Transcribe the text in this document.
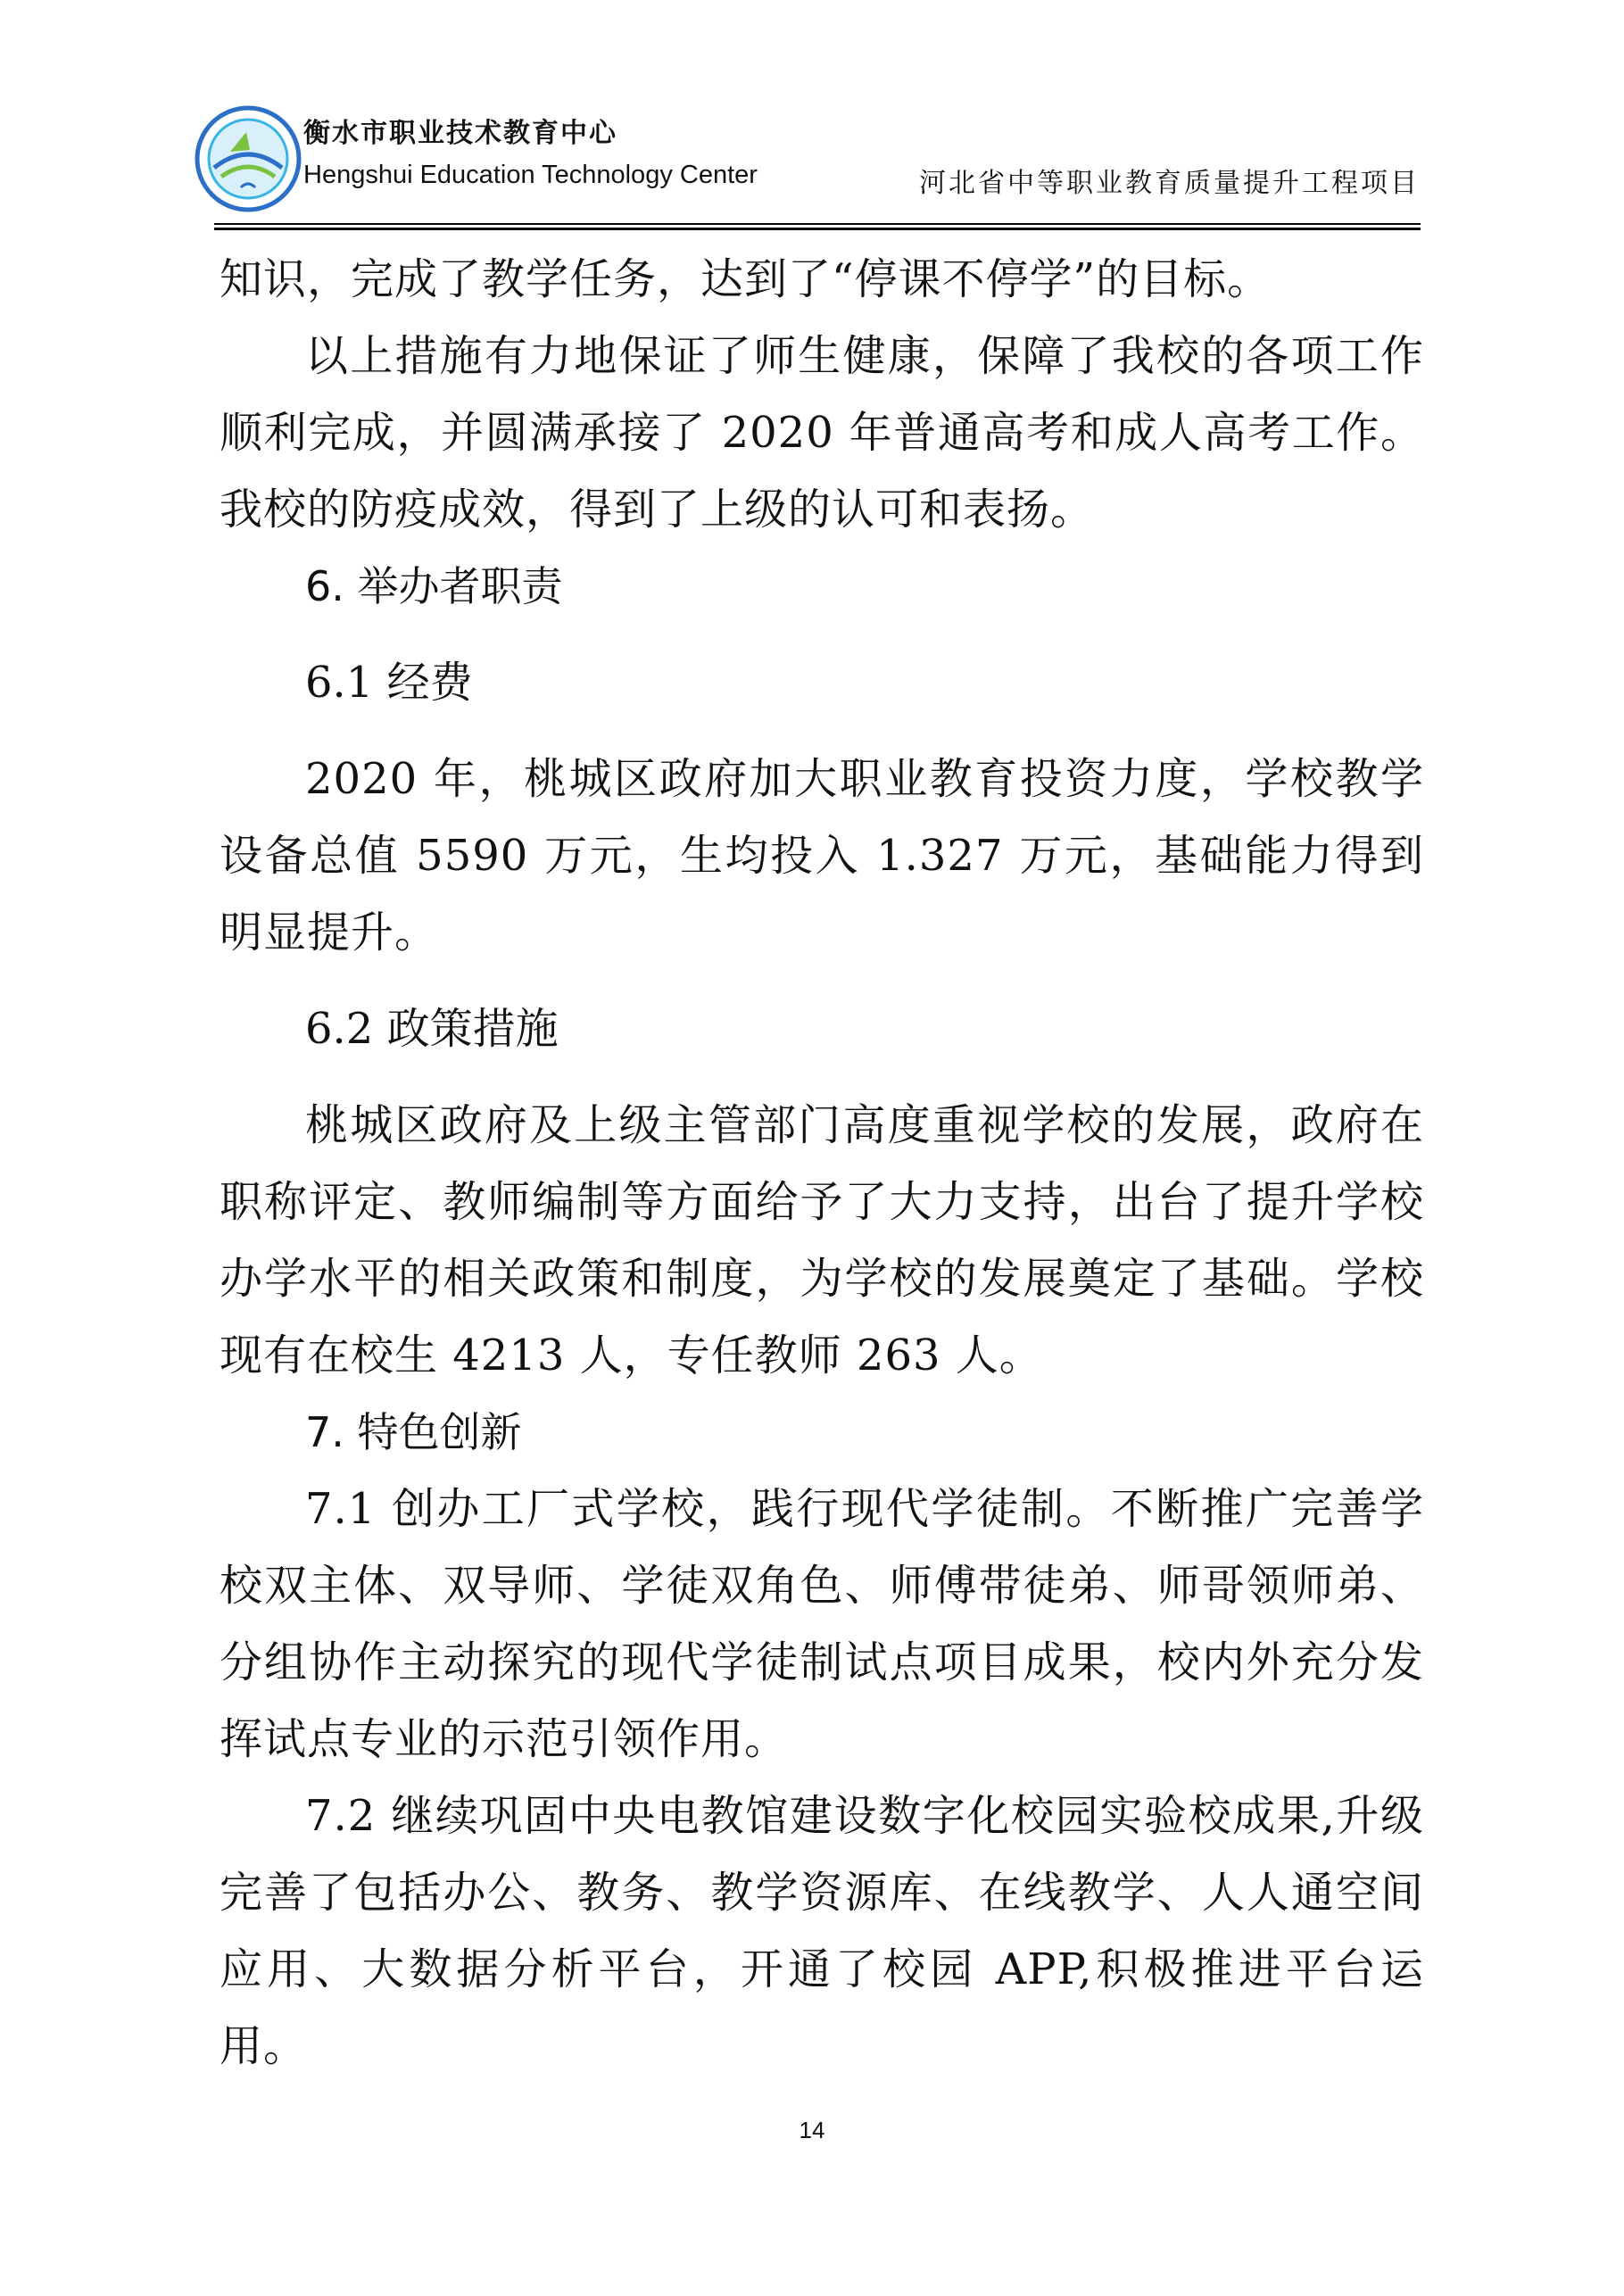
衡水市职业技术教育中心
Hengshui Education Technology Center	河北省中等职业教育质量提升工程项目

知识，完成了教学任务，达到了“停课不停学”的目标。

以上措施有力地保证了师生健康，保障了我校的各项工作顺利完成，并圆满承接了 2020 年普通高考和成人高考工作。我校的防疫成效，得到了上级的认可和表扬。

6. 举办者职责

6.1 经费

2020 年，桃城区政府加大职业教育投资力度，学校教学设备总值 5590 万元，生均投入 1.327 万元，基础能力得到明显提升。

6.2 政策措施

桃城区政府及上级主管部门高度重视学校的发展，政府在职称评定、教师编制等方面给予了大力支持，出台了提升学校办学水平的相关政策和制度，为学校的发展奠定了基础。学校现有在校生 4213 人，专任教师 263 人。

7. 特色创新

7.1 创办工厂式学校，践行现代学徒制。不断推广完善学校双主体、双导师、学徒双角色、师傅带徒弟、师哥领师弟、分组协作主动探究的现代学徒制试点项目成果，校内外充分发挥试点专业的示范引领作用。

7.2 继续巩固中央电教馆建设数字化校园实验校成果,升级完善了包括办公、教务、教学资源库、在线教学、人人通空间应用、大数据分析平台，开通了校园 APP,积极推进平台运用。

14
